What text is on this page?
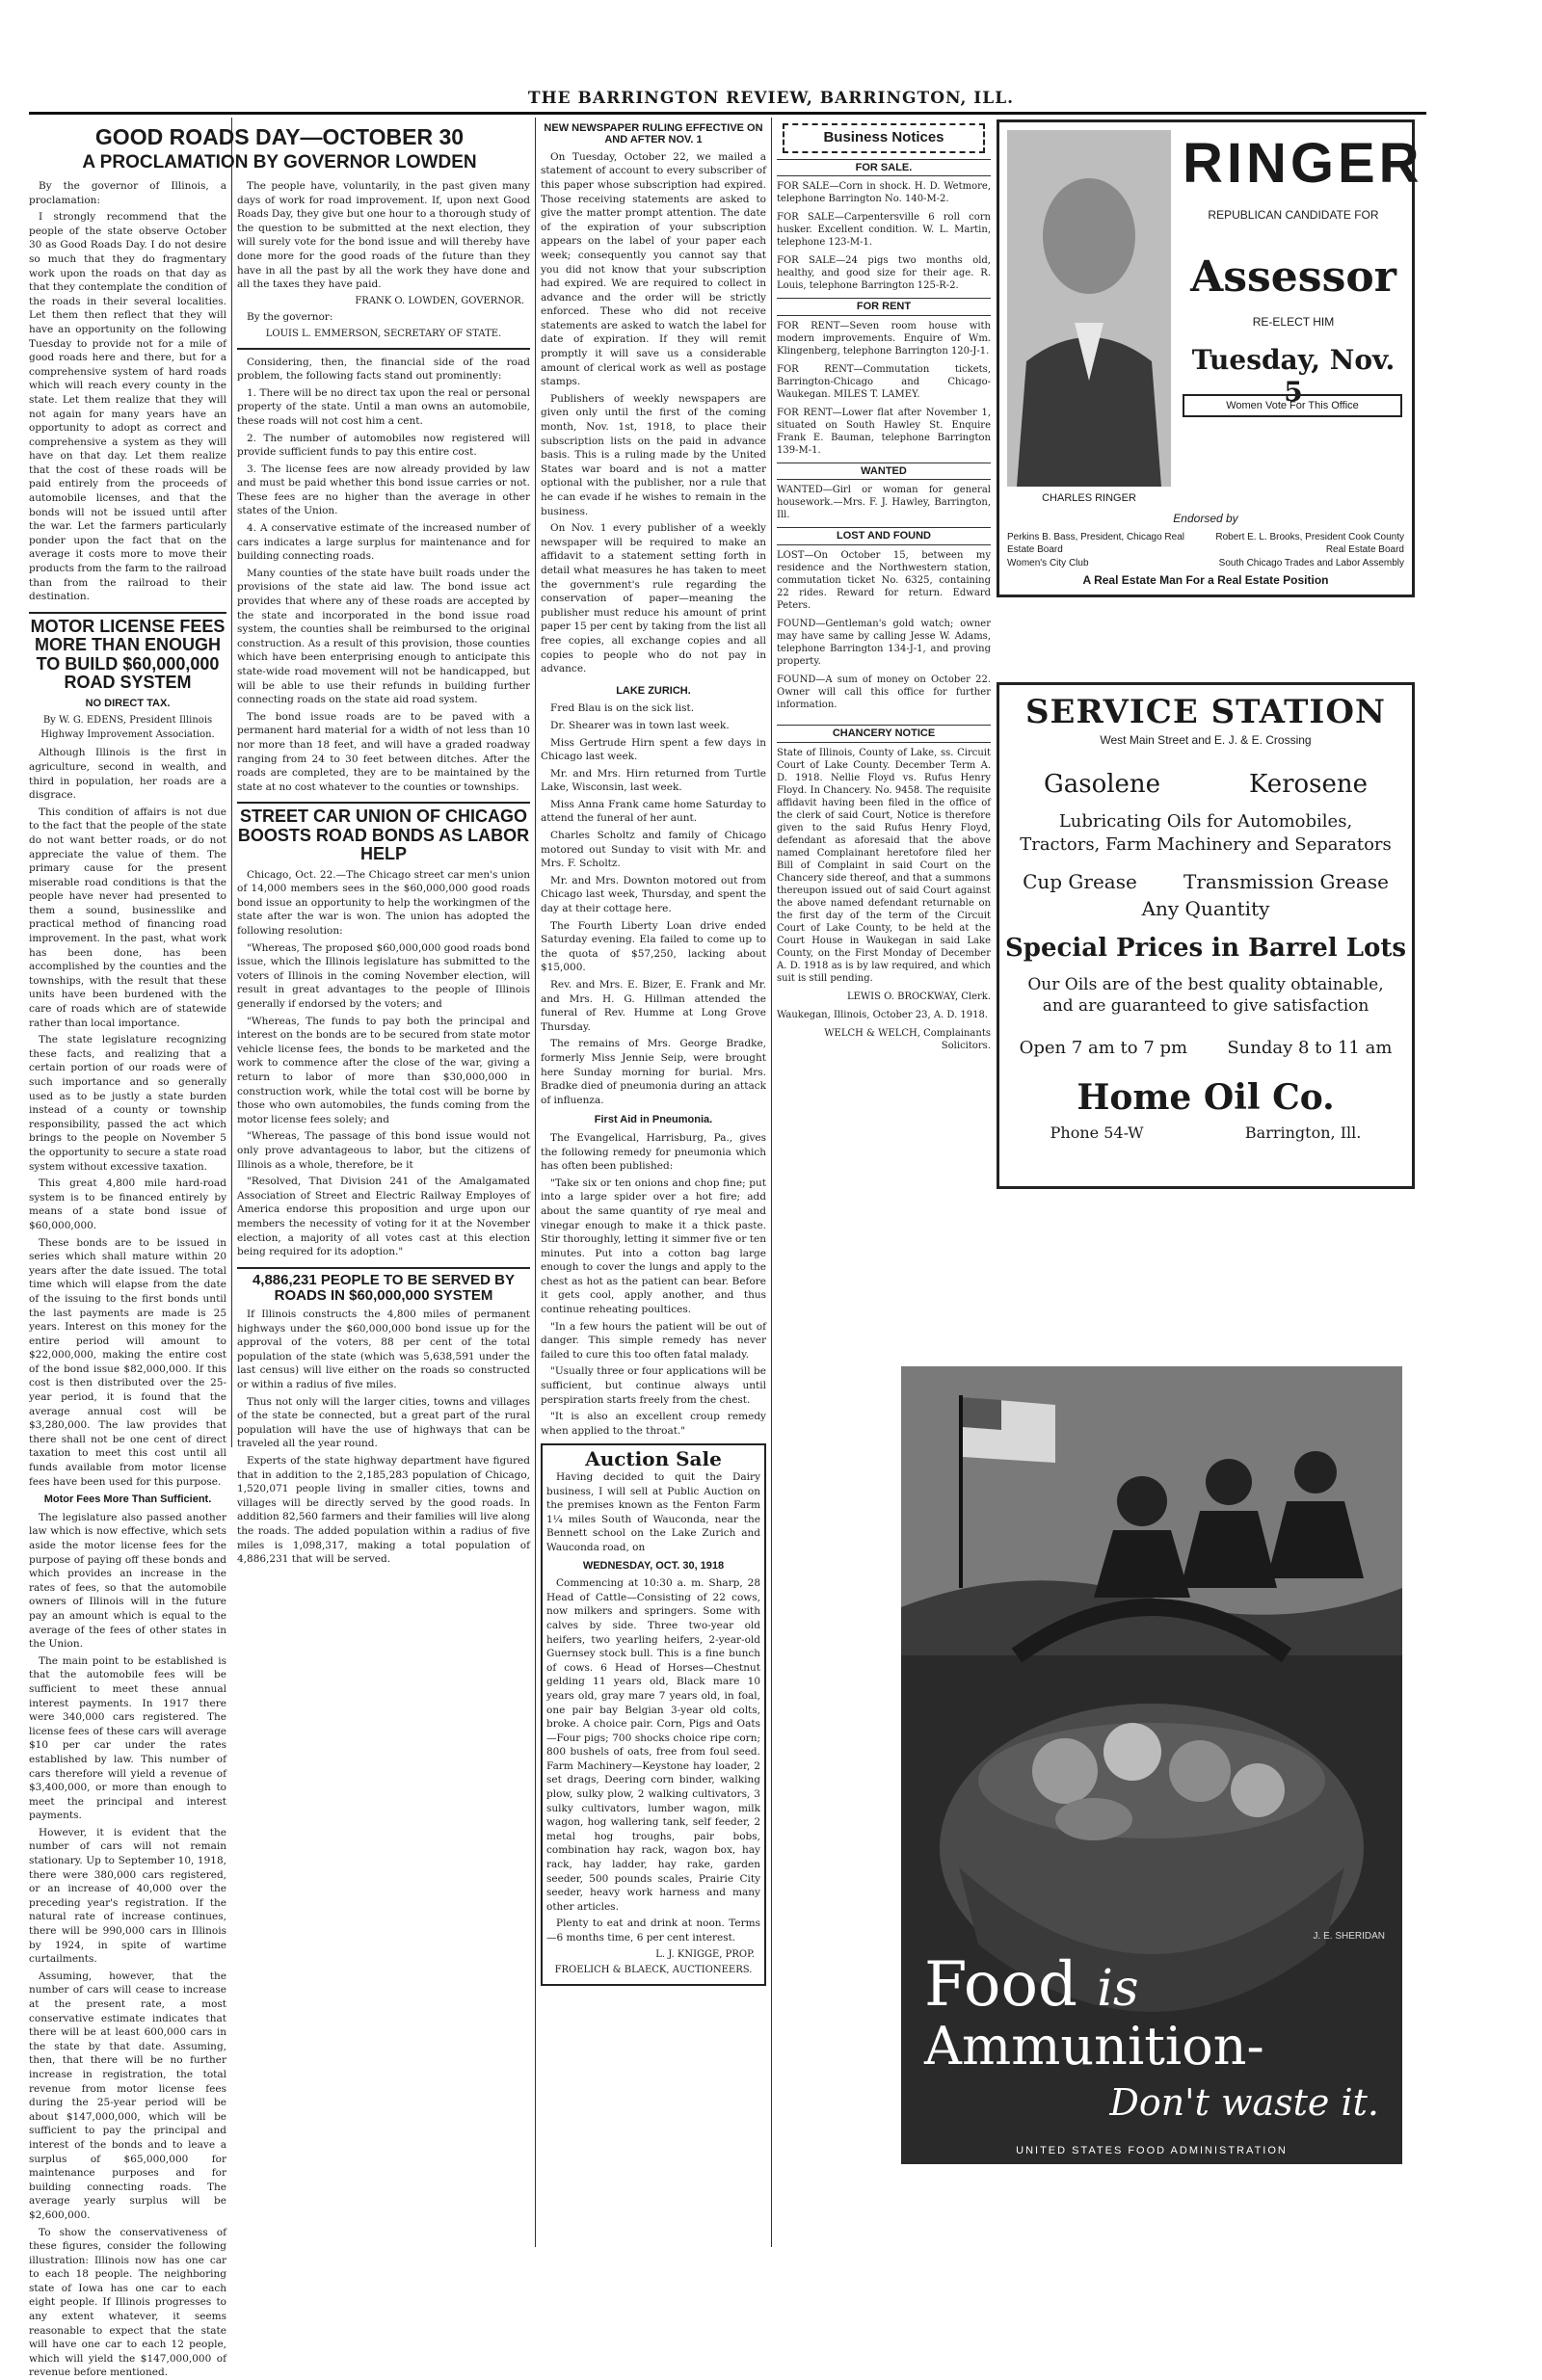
THE BARRINGTON REVIEW, BARRINGTON, ILL.
GOOD ROADS DAY—OCTOBER 30
A PROCLAMATION BY GOVERNOR LOWDEN

By the governor of Illinois, a proclamation:

I strongly recommend that the people of the state observe October 30 as Good Roads Day. I do not desire so much that they do fragmentary work upon the roads on that day as that they contemplate the condition of the roads in their several localities. Let them then reflect that they will have an opportunity on the following Tuesday to provide not for a mile of good roads here and there, but for a comprehensive system of hard roads which will reach every county in the state. Let them realize that they will not again for many years have an opportunity to adopt as correct and comprehensive a system as they will have on that day. Let them realize that the cost of these roads will be paid entirely from the proceeds of automobile licenses, and that the bonds will not be issued until after the war. Let the farmers particularly ponder upon the fact that on the average it costs more to move their products from the farm to the railroad than from the railroad to their destination.

MOTOR LICENSE FEES MORE THAN ENOUGH TO BUILD $60,000,000 ROAD SYSTEM
NO DIRECT TAX.
By W. G. EDENS, President Illinois Highway Improvement Association.

Although Illinois is the first in agriculture, second in wealth, and third in population, her roads are a disgrace.

This condition of affairs is not due to the fact that the people of the state do not want better roads, or do not appreciate the value of them. The primary cause for the present miserable road conditions is that the people have never had presented to them a sound, businesslike and practical method of financing road improvement. In the past, what work has been done, has been accomplished by the counties and the townships, with the result that these units have been burdened with the care of roads which are of statewide rather than local importance.

The state legislature recognizing these facts, and realizing that a certain portion of our roads were of such importance and so generally used as to be justly a state burden instead of a county or township responsibility, passed the act which brings to the people on November 5 the opportunity to secure a state road system without excessive taxation.

This great 4,800 mile hard-road system is to be financed entirely by means of a state bond issue of $60,000,000.

These bonds are to be issued in series which shall mature within 20 years after the date issued. The total time which will elapse from the date of the issuing to the first bonds until the last payments are made is 25 years. Interest on this money for the entire period will amount to $22,000,000, making the entire cost of the bond issue $82,000,000. If this cost is then distributed over the 25-year period, it is found that the average annual cost will be $3,280,000. The law provides that there shall not be one cent of direct taxation to meet this cost until all funds available from motor license fees have been used for this purpose.

Motor Fees More Than Sufficient.

The legislature also passed another law which is now effective, which sets aside the motor license fees for the purpose of paying off these bonds and which provides an increase in the rates of fees, so that the automobile owners of Illinois will in the future pay an amount which is equal to the average of the fees of other states in the Union.

The main point to be established is that the automobile fees will be sufficient to meet these annual interest payments. In 1917 there were 340,000 cars registered. The license fees of these cars will average $10 per car under the rates established by law. This number of cars therefore will yield a revenue of $3,400,000, or more than enough to meet the principal and interest payments.

However, it is evident that the number of cars will not remain stationary. Up to September 10, 1918, there were 380,000 cars registered, or an increase of 40,000 over the preceding year's registration. If the natural rate of increase continues, there will be 990,000 cars in Illinois by 1924, in spite of wartime curtailments.

Assuming, however, that the number of cars will cease to increase at the present rate, a most conservative estimate indicates that there will be at least 600,000 cars in the state by that date. Assuming, then, that there will be no further increase in registration, the total revenue from motor license fees during the 25-year period will be about $147,000,000, which will be sufficient to pay the principal and interest of the bonds and to leave a surplus of $65,000,000 for maintenance purposes and for building connecting roads. The average yearly surplus will be $2,600,000.

To show the conservativeness of these figures, consider the following illustration: Illinois now has one car to each 18 people. The neighboring state of Iowa has one car to each eight people. If Illinois progresses to any extent whatever, it seems reasonable to expect that the state will have one car to each 12 people, which will yield the $147,000,000 of revenue before mentioned.

The people have, voluntarily, in the past given many days of work for road improvement. If, upon next Good Roads Day, they give but one hour to a thorough study of the question to be submitted at the next election, they will surely vote for the bond issue and will thereby have done more for the good roads of the future than they have in all the past by all the work they have done and all the taxes they have paid.

FRANK O. LOWDEN, GOVERNOR.

By the governor:

LOUIS L. EMMERSON, SECRETARY OF STATE.

Considering, then, the financial side of the road problem, the following facts stand out prominently:

1. There will be no direct tax upon the real or personal property of the state. Until a man owns an automobile, these roads will not cost him a cent.

2. The number of automobiles now registered will provide sufficient funds to pay this entire cost.

3. The license fees are now already provided by law and must be paid whether this bond issue carries or not. These fees are no higher than the average in other states of the Union.

4. A conservative estimate of the increased number of cars indicates a large surplus for maintenance and for building connecting roads.

Many counties of the state have built roads under the provisions of the state aid law. The bond issue act provides that where any of these roads are accepted by the state and incorporated in the bond issue road system, the counties shall be reimbursed to the original construction. As a result of this provision, those counties which have been enterprising enough to anticipate this state-wide road movement will not be handicapped, but will be able to use their refunds in building further connecting roads on the state aid road system.

The bond issue roads are to be paved with a permanent hard material for a width of not less than 10 nor more than 18 feet, and will have a graded roadway ranging from 24 to 30 feet between ditches. After the roads are completed, they are to be maintained by the state at no cost whatever to the counties or townships.

STREET CAR UNION OF CHICAGO BOOSTS ROAD BONDS AS LABOR HELP

Chicago, Oct. 22.—The Chicago street car men's union of 14,000 members sees in the $60,000,000 good roads bond issue an opportunity to help the workingmen of the state after the war is won. The union has adopted the following resolution:

"Whereas, The proposed $60,000,000 good roads bond issue, which the Illinois legislature has submitted to the voters of Illinois in the coming November election, will result in great advantages to the people of Illinois generally if endorsed by the voters; and

"Whereas, The funds to pay both the principal and interest on the bonds are to be secured from state motor vehicle license fees, the bonds to be marketed and the work to commence after the close of the war, giving a return to labor of more than $30,000,000 in construction work, while the total cost will be borne by those who own automobiles, the funds coming from the motor license fees solely; and

"Whereas, The passage of this bond issue would not only prove advantageous to labor, but the citizens of Illinois as a whole, therefore, be it

"Resolved, That Division 241 of the Amalgamated Association of Street and Electric Railway Employes of America endorse this proposition and urge upon our members the necessity of voting for it at the November election, a majority of all votes cast at this election being required for its adoption."

4,886,231 PEOPLE TO BE SERVED BY ROADS IN $60,000,000 SYSTEM

If Illinois constructs the 4,800 miles of permanent highways under the $60,000,000 bond issue up for the approval of the voters, 88 per cent of the total population of the state (which was 5,638,591 under the last census) will live either on the roads so constructed or within a radius of five miles.

Thus not only will the larger cities, towns and villages of the state be connected, but a great part of the rural population will have the use of highways that can be traveled all the year round.

Experts of the state highway department have figured that in addition to the 2,185,283 population of Chicago, 1,520,071 people living in smaller cities, towns and villages will be directly served by the good roads. In addition 82,560 farmers and their families will live along the roads. The added population within a radius of five miles is 1,098,317, making a total population of 4,886,231 that will be served.

NEW NEWSPAPER RULING EFFECTIVE ON AND AFTER NOV. 1

On Tuesday, October 22, we mailed a statement of account to every subscriber of this paper whose subscription had expired. Those receiving statements are asked to give the matter prompt attention. The date of the expiration of your subscription appears on the label of your paper each week; consequently you cannot say that you did not know that your subscription had expired. We are required to collect in advance and the order will be strictly enforced. These who did not receive statements are asked to watch the label for date of expiration. If they will remit promptly it will save us a considerable amount of clerical work as well as postage stamps.

Publishers of weekly newspapers are given only until the first of the coming month, Nov. 1st, 1918, to place their subscription lists on the paid in advance basis. This is a ruling made by the United States war board and is not a matter optional with the publisher, nor a rule that he can evade if he wishes to remain in the business.

On Nov. 1 every publisher of a weekly newspaper will be required to make an affidavit to a statement setting forth in detail what measures he has taken to meet the government's rule regarding the conservation of paper—meaning the publisher must reduce his amount of print paper 15 per cent by taking from the list all free copies, all exchange copies and all copies to people who do not pay in advance.

LAKE ZURICH.

Fred Blau is on the sick list.

Dr. Shearer was in town last week.

Miss Gertrude Hirn spent a few days in Chicago last week.

Mr. and Mrs. Hirn returned from Turtle Lake, Wisconsin, last week.

Miss Anna Frank came home Saturday to attend the funeral of her aunt.

Charles Scholtz and family of Chicago motored out Sunday to visit with Mr. and Mrs. F. Scholtz.

Mr. and Mrs. Downton motored out from Chicago last week, Thursday, and spent the day at their cottage here.

The Fourth Liberty Loan drive ended Saturday evening. Ela failed to come up to the quota of $57,250, lacking about $15,000.

Rev. and Mrs. E. Bizer, E. Frank and Mr. and Mrs. H. G. Hillman attended the funeral of Rev. Humme at Long Grove Thursday.

The remains of Mrs. George Bradke, formerly Miss Jennie Seip, were brought here Sunday morning for burial. Mrs. Bradke died of pneumonia during an attack of influenza.

First Aid in Pneumonia.

The Evangelical, Harrisburg, Pa., gives the following remedy for pneumonia which has often been published:

"Take six or ten onions and chop fine; put into a large spider over a hot fire; add about the same quantity of rye meal and vinegar enough to make it a thick paste. Stir thoroughly, letting it simmer five or ten minutes. Put into a cotton bag large enough to cover the lungs and apply to the chest as hot as the patient can bear. Before it gets cool, apply another, and thus continue reheating poultices.

"In a few hours the patient will be out of danger. This simple remedy has never failed to cure this too often fatal malady.

"Usually three or four applications will be sufficient, but continue always until perspiration starts freely from the chest.

"It is also an excellent croup remedy when applied to the throat."

Auction Sale

Having decided to quit the Dairy business, I will sell at Public Auction on the premises known as the Fenton Farm 1¼ miles South of Wauconda, near the Bennett school on the Lake Zurich and Wauconda road, on

WEDNESDAY, OCT. 30, 1918

Commencing at 10:30 a. m. Sharp, 28 Head of Cattle—Consisting of 22 cows, now milkers and springers. Some with calves by side. Three two-year old heifers, two yearling heifers, 2-year-old Guernsey stock bull. This is a fine bunch of cows. 6 Head of Horses—Chestnut gelding 11 years old, Black mare 10 years old, gray mare 7 years old, in foal, one pair bay Belgian 3-year old colts, broke. A choice pair. Corn, Pigs and Oats—Four pigs; 700 shocks choice ripe corn; 800 bushels of oats, free from foul seed. Farm Machinery—Keystone hay loader, 2 set drags, Deering corn binder, walking plow, sulky plow, 2 walking cultivators, 3 sulky cultivators, lumber wagon, milk wagon, hog wallering tank, self feeder, 2 metal hog troughs, pair bobs, combination hay rack, wagon box, hay rack, hay ladder, hay rake, garden seeder, 500 pounds scales, Prairie City seeder, heavy work harness and many other articles.

Plenty to eat and drink at noon. Terms—6 months time, 6 per cent interest.

L. J. KNIGGE, PROP.
FROELICH & BLAECK, AUCTIONEERS.
Business Notices
FOR SALE.
FOR SALE—Corn in shock. H. D. Wetmore, telephone Barrington No. 140-M-2.
FOR SALE—Carpentersville 6 roll corn husker. Excellent condition. W. L. Martin, telephone 123-M-1.
FOR SALE—24 pigs two months old, healthy, and good size for their age. R. Louis, telephone Barrington 125-R-2.
FOR RENT
FOR RENT—Seven room house with modern improvements. Enquire of Wm. Klingenberg, telephone Barrington 120-J-1.
FOR RENT—Commutation tickets, Barrington-Chicago and Chicago-Waukegan. MILES T. LAMEY.
FOR RENT—Lower flat after November 1, situated on South Hawley St. Enquire Frank E. Bauman, telephone Barrington 139-M-1.
WANTED
WANTED—Girl or woman for general housework.—Mrs. F. J. Hawley, Barrington, Ill.
LOST AND FOUND
LOST—On October 15, between my residence and the Northwestern station, commutation ticket No. 6325, containing 22 rides. Reward for return. Edward Peters.
FOUND—Gentleman's gold watch; owner may have same by calling Jesse W. Adams, telephone Barrington 134-J-1, and proving property.
FOUND—A sum of money on October 22. Owner will call this office for further information.
CHANCERY NOTICE
State of Illinois, County of Lake, ss. Circuit Court of Lake County. December Term A. D. 1918. Nellie Floyd vs. Rufus Henry Floyd. In Chancery. No. 9458. The requisite affidavit having been filed in the office of the clerk of said Court, Notice is therefore given to the said Rufus Henry Floyd, defendant as aforesaid that the above named Complainant heretofore filed her Bill of Complaint in said Court on the Chancery side thereof, and that a summons thereupon issued out of said Court against the above named defendant returnable on the first day of the term of the Circuit Court of Lake County, to be held at the Court House in Waukegan in said Lake County, on the First Monday of December A. D. 1918 as is by law required, and which suit is still pending.
LEWIS O. BROCKWAY, Clerk.
Waukegan, Illinois, October 23, A. D. 1918.
WELCH & WELCH, Complainants Solicitors.
RINGER
REPUBLICAN CANDIDATE FOR
Assessor
RE-ELECT HIM
Tuesday, Nov. 5
Women Vote For This Office
CHARLES RINGER
Endorsed by
Perkins B. Bass, President, Chicago Real Estate Board
Robert E. L. Brooks, President Cook County Real Estate Board
Women's City Club	South Chicago Trades and Labor Assembly
A Real Estate Man For a Real Estate Position
SERVICE STATION
West Main Street and E. J. & E. Crossing
Gasolene	Kerosene
Lubricating Oils for Automobiles, Tractors, Farm Machinery and Separators
Cup Grease Transmission Grease
Any Quantity
Special Prices in Barrel Lots
Our Oils are of the best quality obtainable, and are guaranteed to give satisfaction
Open 7 am to 7 pm Sunday 8 to 11 am
Home Oil Co.
Phone 54-W	Barrington, Ill.
Food is
Ammunition-
Don't waste it.
UNITED STATES FOOD ADMINISTRATION
J. E. SHERIDAN
